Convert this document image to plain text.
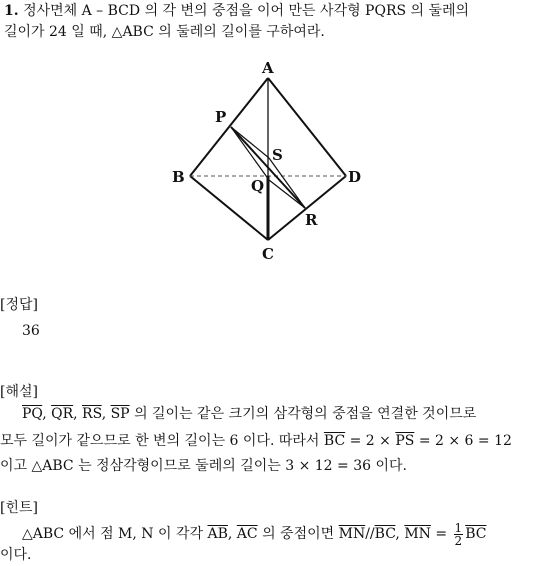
1. 정사면체 A – BCD 의 각 변의 중점을 이어 만든 사각형 PQRS 의 둘레의
길이가 24 일 때, △ABC 의 둘레의 길이를 구하여라.
A
B
C
D
P
Q
R
S
[정답]
36
[해설]
$\overline{PQ}$, $\overline{QR}$, $\overline{RS}$, $\overline{SP}$ 의 길이는 같은 크기의 삼각형의 중점을 연결한 것이므로
모두 길이가 같으므로 한 변의 길이는 6 이다. 따라서 $\overline{BC} = 2 \times \overline{PS} = 2 \times 6 = 12$
이고 △ABC 는 정삼각형이므로 둘레의 길이는 3 × 12 = 36 이다.
[힌트]
△ABC 에서 점 M, N 이 각각 $\overline{AB}$, $\overline{AC}$ 의 중점이면 $\overline{MN}//\overline{BC}$, $\overline{MN} = \frac{1}{2} \overline{BC}$
이다.
